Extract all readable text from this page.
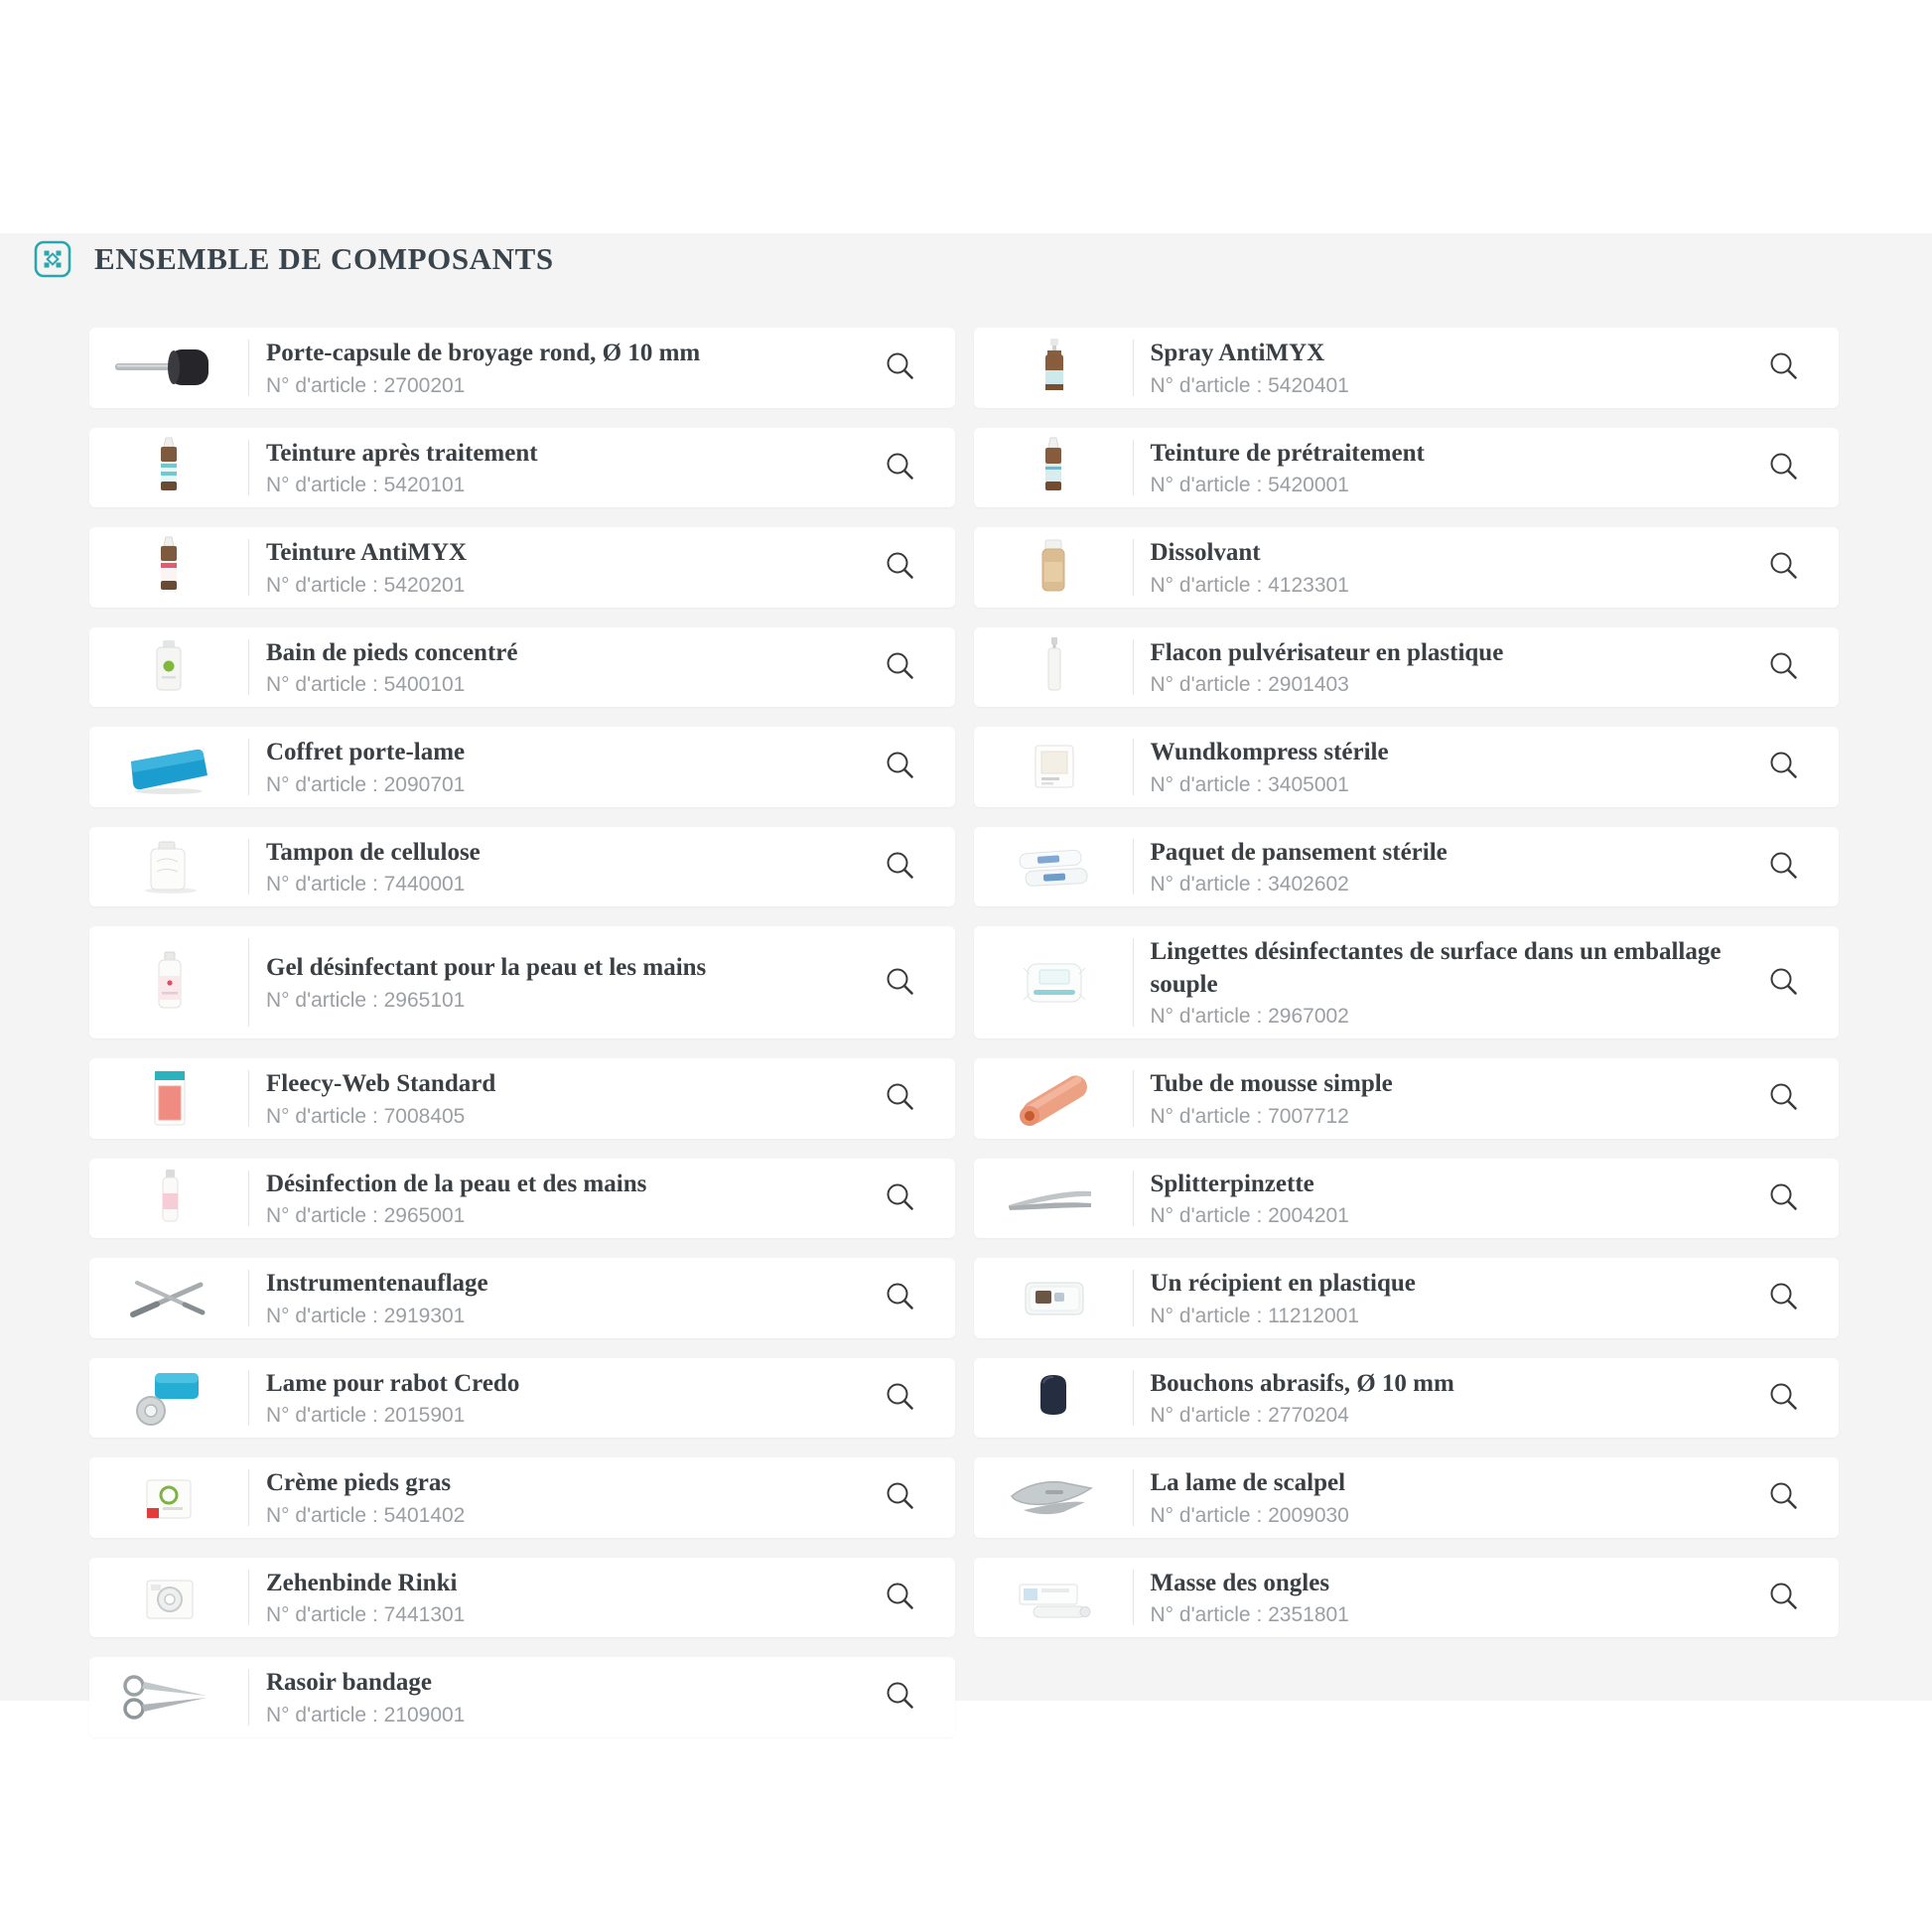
ENSEMBLE DE COMPOSANTS
Porte-capsule de broyage rond, Ø 10 mm
N° d'article : 2700201
Spray AntiMYX
N° d'article : 5420401
Teinture après traitement
N° d'article : 5420101
Teinture de prétraitement
N° d'article : 5420001
Teinture AntiMYX
N° d'article : 5420201
Dissolvant
N° d'article : 4123301
Bain de pieds concentré
N° d'article : 5400101
Flacon pulvérisateur en plastique
N° d'article : 2901403
Coffret porte-lame
N° d'article : 2090701
Wundkompress stérile
N° d'article : 3405001
Tampon de cellulose
N° d'article : 7440001
Paquet de pansement stérile
N° d'article : 3402602
Gel désinfectant pour la peau et les mains
N° d'article : 2965101
Lingettes désinfectantes de surface dans un emballage souple
N° d'article : 2967002
Fleecy-Web Standard
N° d'article : 7008405
Tube de mousse simple
N° d'article : 7007712
Désinfection de la peau et des mains
N° d'article : 2965001
Splitterpinzette
N° d'article : 2004201
Instrumentenauflage
N° d'article : 2919301
Un récipient en plastique
N° d'article : 11212001
Lame pour rabot Credo
N° d'article : 2015901
Bouchons abrasifs, Ø 10 mm
N° d'article : 2770204
Crème pieds gras
N° d'article : 5401402
La lame de scalpel
N° d'article : 2009030
Zehenbinde Rinki
N° d'article : 7441301
Masse des ongles
N° d'article : 2351801
Rasoir bandage
N° d'article : 2109001
